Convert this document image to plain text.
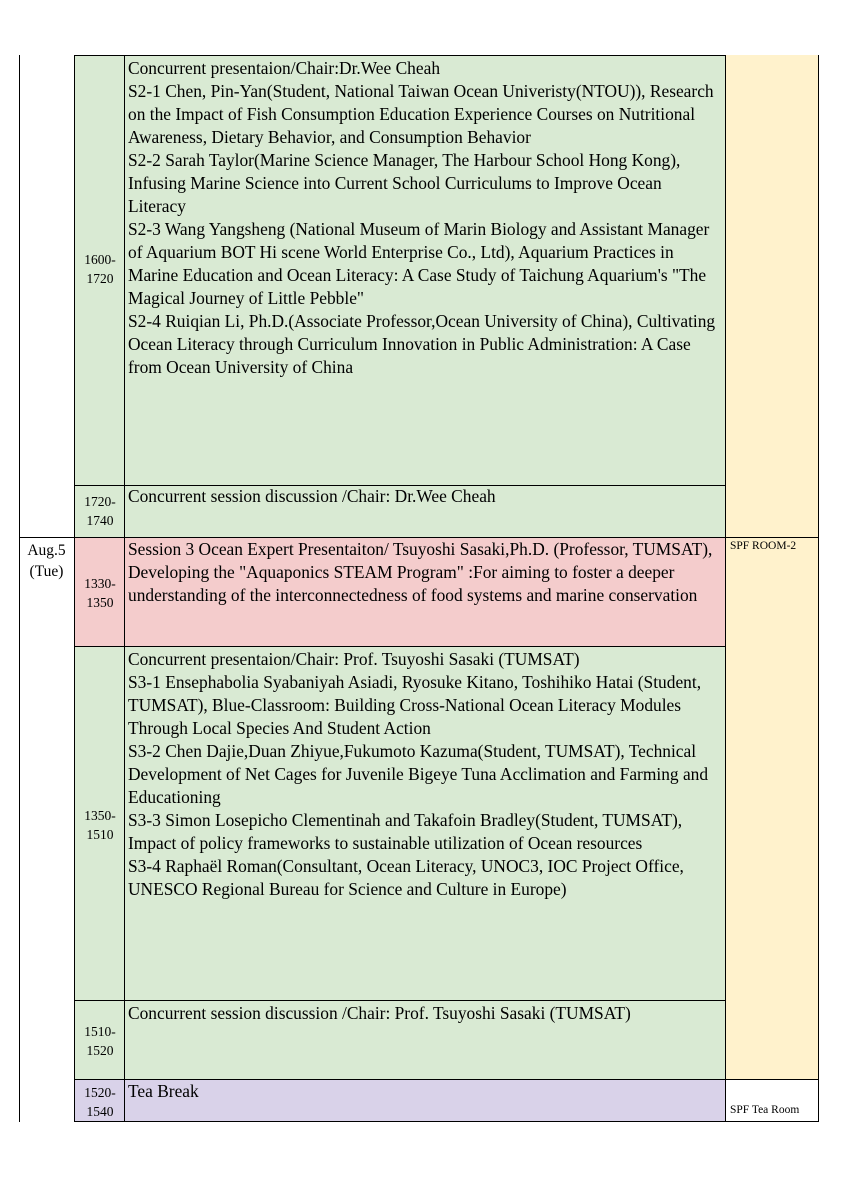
Aug.5
(Tue)
1600-
1720
1720-
1740
1330-
1350
1350-
1510
1510-
1520
1520-
1540
Concurrent presentaion/Chair:Dr.Wee Cheah
S2-1 Chen, Pin-Yan(Student, National Taiwan Ocean Univeristy(NTOU)), Research on the Impact of Fish Consumption Education Experience Courses on Nutritional Awareness, Dietary Behavior, and Consumption Behavior
S2-2 Sarah Taylor(Marine Science Manager, The Harbour School Hong Kong), Infusing Marine Science into Current School Curriculums to Improve Ocean Literacy
S2-3 Wang Yangsheng (National Museum of Marin Biology and Assistant Manager of Aquarium BOT Hi scene World Enterprise Co., Ltd), Aquarium Practices in Marine Education and Ocean Literacy: A Case Study of Taichung Aquarium's "The Magical Journey of Little Pebble"
S2-4 Ruiqian Li, Ph.D.(Associate Professor,Ocean University of China), Cultivating Ocean Literacy through Curriculum Innovation in Public Administration: A Case from Ocean University of China
Concurrent session discussion /Chair: Dr.Wee Cheah
Session 3 Ocean Expert Presentaiton/ Tsuyoshi Sasaki,Ph.D. (Professor, TUMSAT), Developing the "Aquaponics STEAM Program" :For aiming to foster a deeper understanding of the interconnectedness of food systems and marine conservation
Concurrent presentaion/Chair: Prof. Tsuyoshi Sasaki (TUMSAT)
S3-1 Ensephabolia Syabaniyah Asiadi, Ryosuke Kitano, Toshihiko Hatai (Student, TUMSAT), Blue-Classroom: Building Cross-National Ocean Literacy Modules Through Local Species And Student Action
S3-2 Chen Dajie,Duan Zhiyue,Fukumoto Kazuma(Student, TUMSAT), Technical Development of Net Cages for Juvenile Bigeye Tuna Acclimation and Farming and Educationing
S3-3 Simon Losepicho Clementinah and Takafoin Bradley(Student, TUMSAT), Impact of policy frameworks to sustainable utilization of Ocean resources
S3-4 Raphaël Roman(Consultant, Ocean Literacy, UNOC3, IOC Project Office, UNESCO Regional Bureau for Science and Culture in Europe)
Concurrent session discussion /Chair: Prof. Tsuyoshi Sasaki (TUMSAT)
Tea Break
SPF ROOM-2
SPF Tea Room
